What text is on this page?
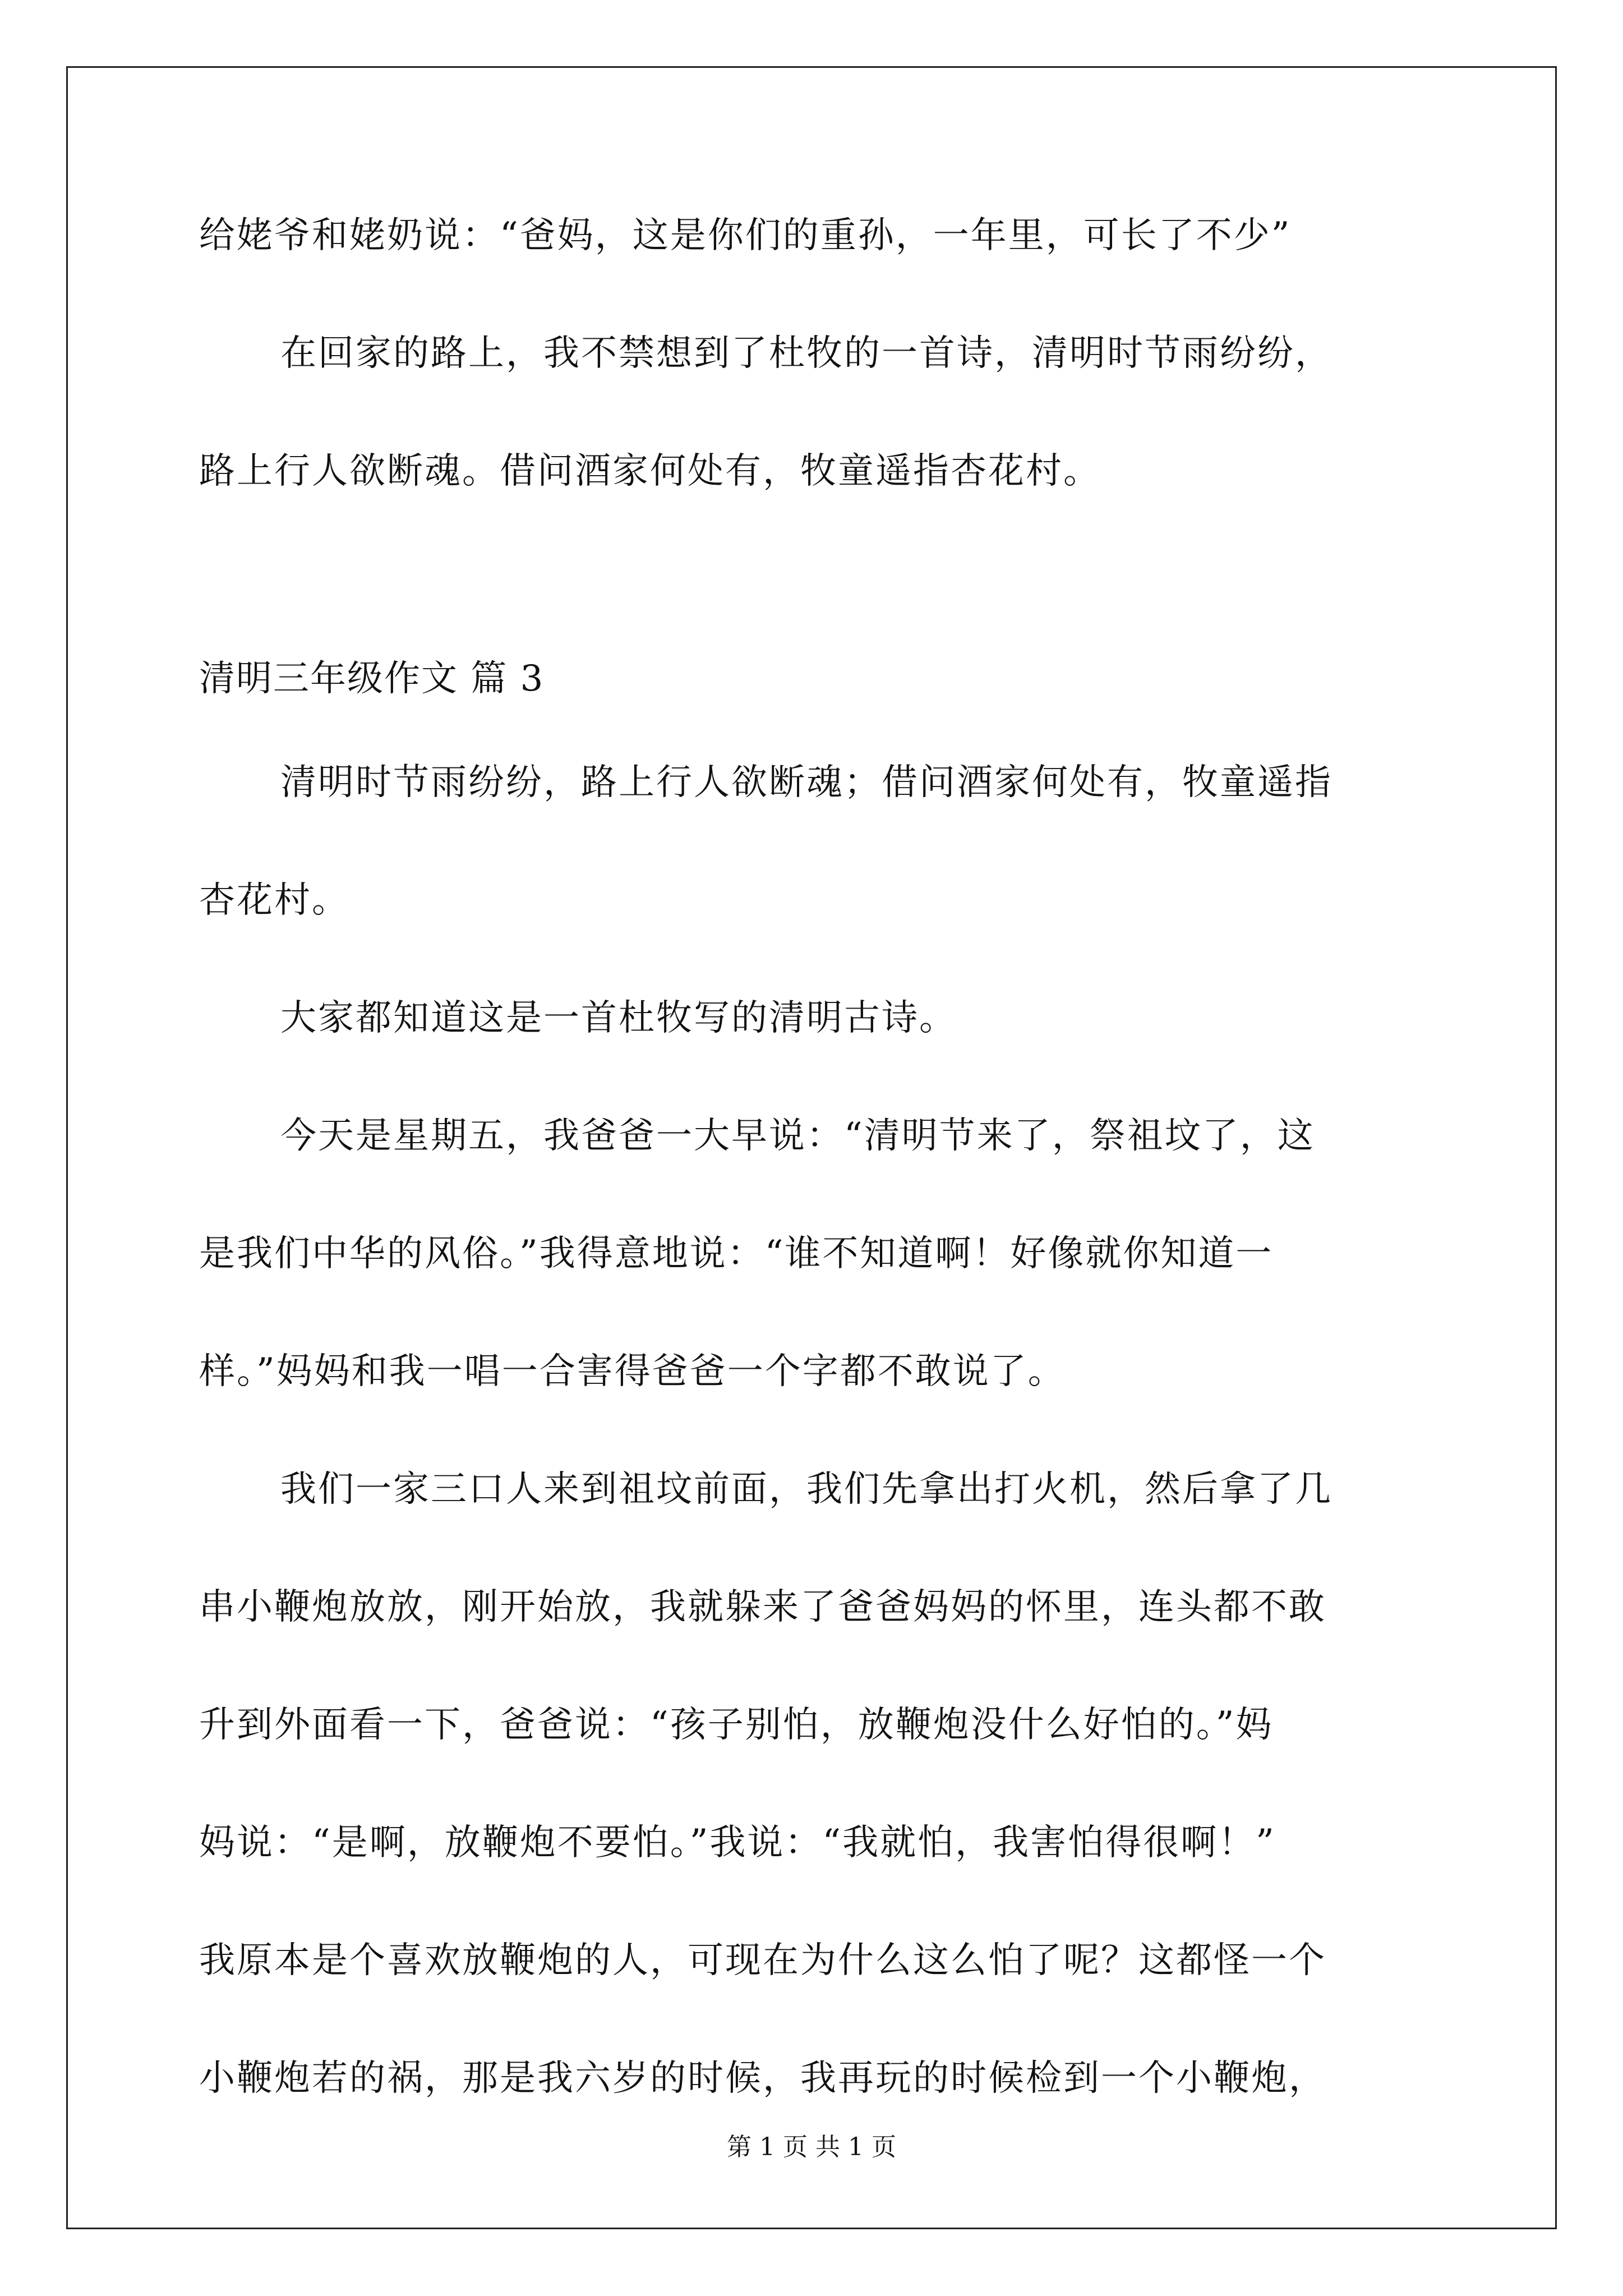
给姥爷和姥奶说：“爸妈，这是你们的重孙，一年里，可长了不少”
在回家的路上，我不禁想到了杜牧的一首诗，清明时节雨纷纷，
路上行人欲断魂。借问酒家何处有，牧童遥指杏花村。
清明三年级作文 篇 3
清明时节雨纷纷，路上行人欲断魂；借问酒家何处有，牧童遥指
杏花村。
大家都知道这是一首杜牧写的清明古诗。
今天是星期五，我爸爸一大早说：“清明节来了，祭祖坟了，这
是我们中华的风俗。”我得意地说：“谁不知道啊！好像就你知道一
样。”妈妈和我一唱一合害得爸爸一个字都不敢说了。
我们一家三口人来到祖坟前面，我们先拿出打火机，然后拿了几
串小鞭炮放放，刚开始放，我就躲来了爸爸妈妈的怀里，连头都不敢
升到外面看一下，爸爸说：“孩子别怕，放鞭炮没什么好怕的。”妈
妈说：“是啊，放鞭炮不要怕。”我说：“我就怕，我害怕得很啊！”
我原本是个喜欢放鞭炮的人，可现在为什么这么怕了呢？这都怪一个
小鞭炮若的祸，那是我六岁的时候，我再玩的时候检到一个小鞭炮，
第 1 页 共 1 页
